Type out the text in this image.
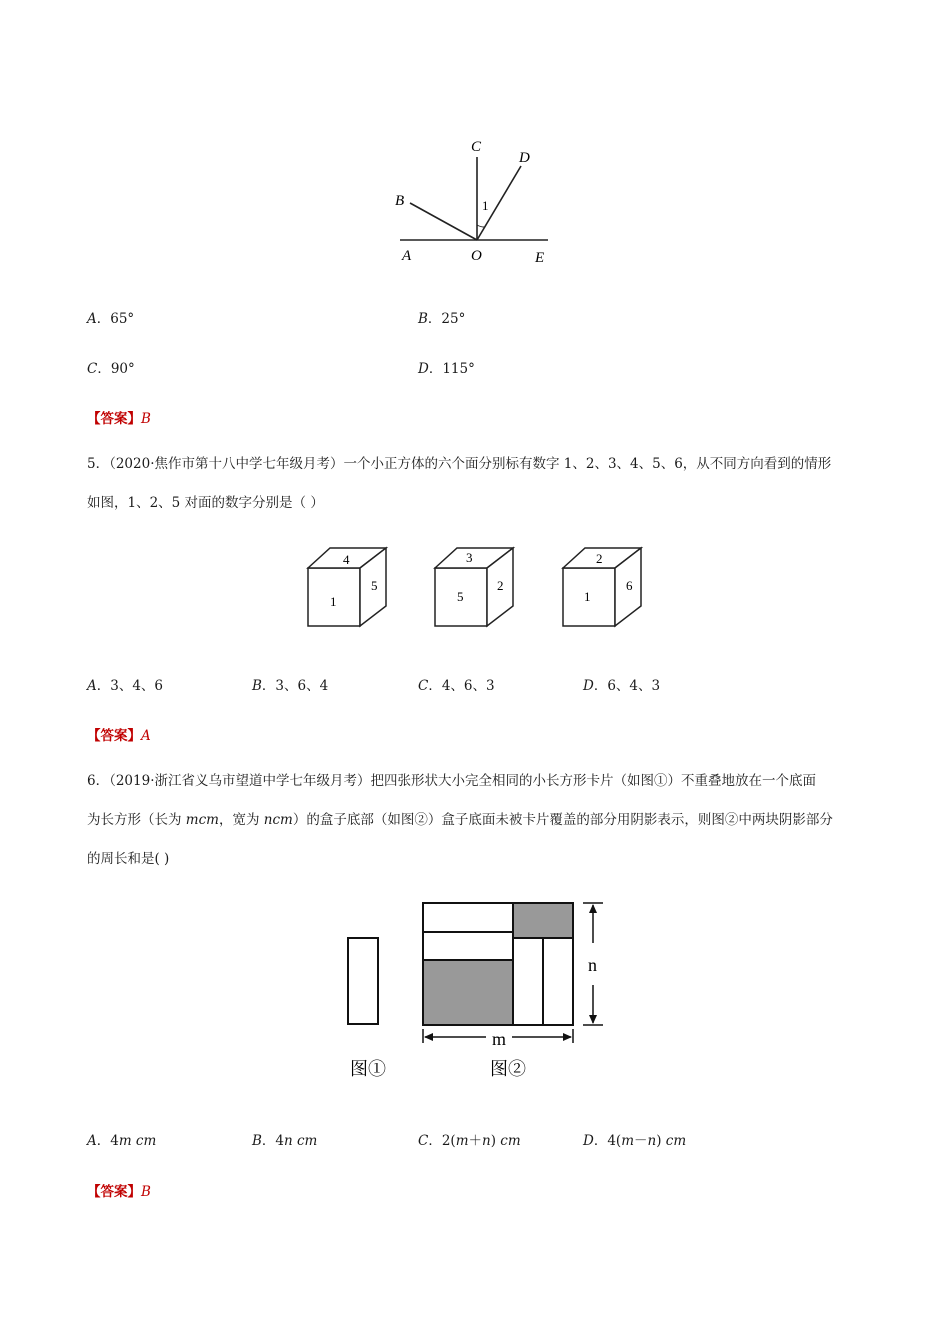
C
D
B	1
A	O	E
A．65°	B．25°
C．90°	D．115°
【答案】B
5．（2020·焦作市第十八中学七年级月考）一个小正方体的六个面分别标有数字 1、2、3、4、5、6，从不同方向看到的情形
如图，1、2、5 对面的数字分别是（ ）
4
1
5
3
5
2
2
1
6
A．3、4、6	B．3、6、4	C．4、6、3	D．6、4、3
【答案】A
6．（2019·浙江省义乌市望道中学七年级月考）把四张形状大小完全相同的小长方形卡片（如图①）不重叠地放在一个底面
为长方形（长为 mcm，宽为 ncm）的盒子底部（如图②）盒子底面未被卡片覆盖的部分用阴影表示，则图②中两块阴影部分
的周长和是( )
n
m
图①	图②
A．4m cm	B．4n cm	C．2(m＋n) cm	D．4(m－n) cm
【答案】B
